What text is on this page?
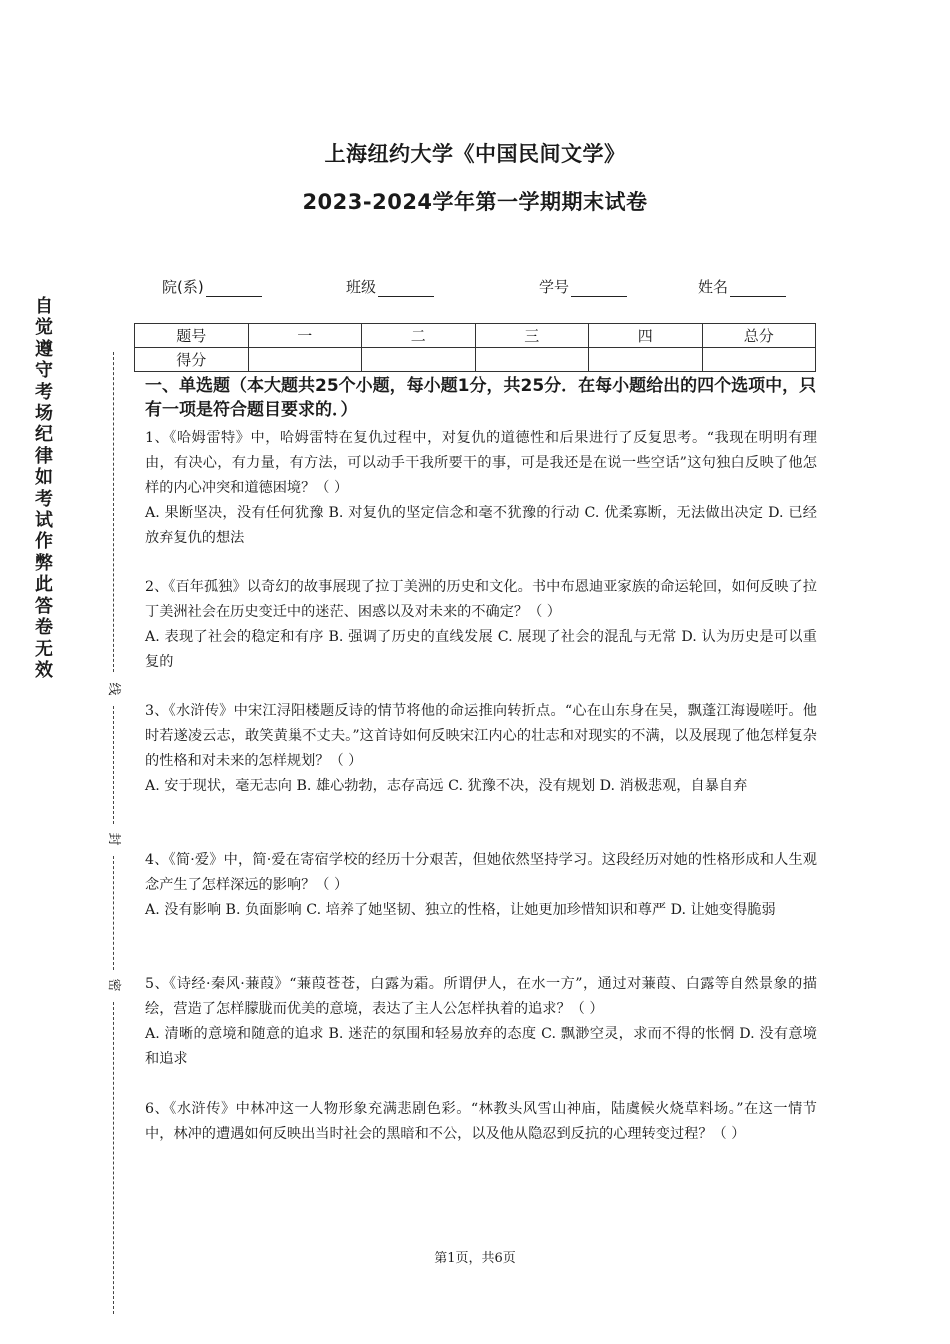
上海纽约大学《中国民间文学》
2023-2024学年第一学期期末试卷
院(系)	班级	学号	姓名
题号	一	二	三	四	总分
得分					
自觉遵守考场纪律如考试作弊此答卷无效
线
封
密
一、单选题（本大题共25个小题，每小题1分，共25分．在每小题给出的四个选项中，只有一项是符合题目要求的．）

1、《哈姆雷特》中，哈姆雷特在复仇过程中，对复仇的道德性和后果进行了反复思考。“我现在明明有理由，有决心，有力量，有方法，可以动手干我所要干的事，可是我还是在说一些空话”这句独白反映了他怎样的内心冲突和道德困境？（ ）

A. 果断坚决，没有任何犹豫 B. 对复仇的坚定信念和毫不犹豫的行动 C. 优柔寡断，无法做出决定 D. 已经放弃复仇的想法

2、《百年孤独》以奇幻的故事展现了拉丁美洲的历史和文化。书中布恩迪亚家族的命运轮回，如何反映了拉丁美洲社会在历史变迁中的迷茫、困惑以及对未来的不确定？（ ）

A. 表现了社会的稳定和有序 B. 强调了历史的直线发展 C. 展现了社会的混乱与无常 D. 认为历史是可以重复的

3、《水浒传》中宋江浔阳楼题反诗的情节将他的命运推向转折点。“心在山东身在吴，飘蓬江海谩嗟吁。他时若遂凌云志，敢笑黄巢不丈夫。”这首诗如何反映宋江内心的壮志和对现实的不满，以及展现了他怎样复杂的性格和对未来的怎样规划？（ ）

A. 安于现状，毫无志向 B. 雄心勃勃，志存高远 C. 犹豫不决，没有规划 D. 消极悲观，自暴自弃

4、《简·爱》中，简·爱在寄宿学校的经历十分艰苦，但她依然坚持学习。这段经历对她的性格形成和人生观念产生了怎样深远的影响？（ ）

A. 没有影响 B. 负面影响 C. 培养了她坚韧、独立的性格，让她更加珍惜知识和尊严 D. 让她变得脆弱

5、《诗经·秦风·蒹葭》“蒹葭苍苍，白露为霜。所谓伊人，在水一方”，通过对蒹葭、白露等自然景象的描绘，营造了怎样朦胧而优美的意境，表达了主人公怎样执着的追求？（ ）

A. 清晰的意境和随意的追求 B. 迷茫的氛围和轻易放弃的态度 C. 飘渺空灵，求而不得的怅惘 D. 没有意境和追求

6、《水浒传》中林冲这一人物形象充满悲剧色彩。“林教头风雪山神庙，陆虞候火烧草料场。”在这一情节中，林冲的遭遇如何反映出当时社会的黑暗和不公，以及他从隐忍到反抗的心理转变过程？（ ）

第1页，共6页
